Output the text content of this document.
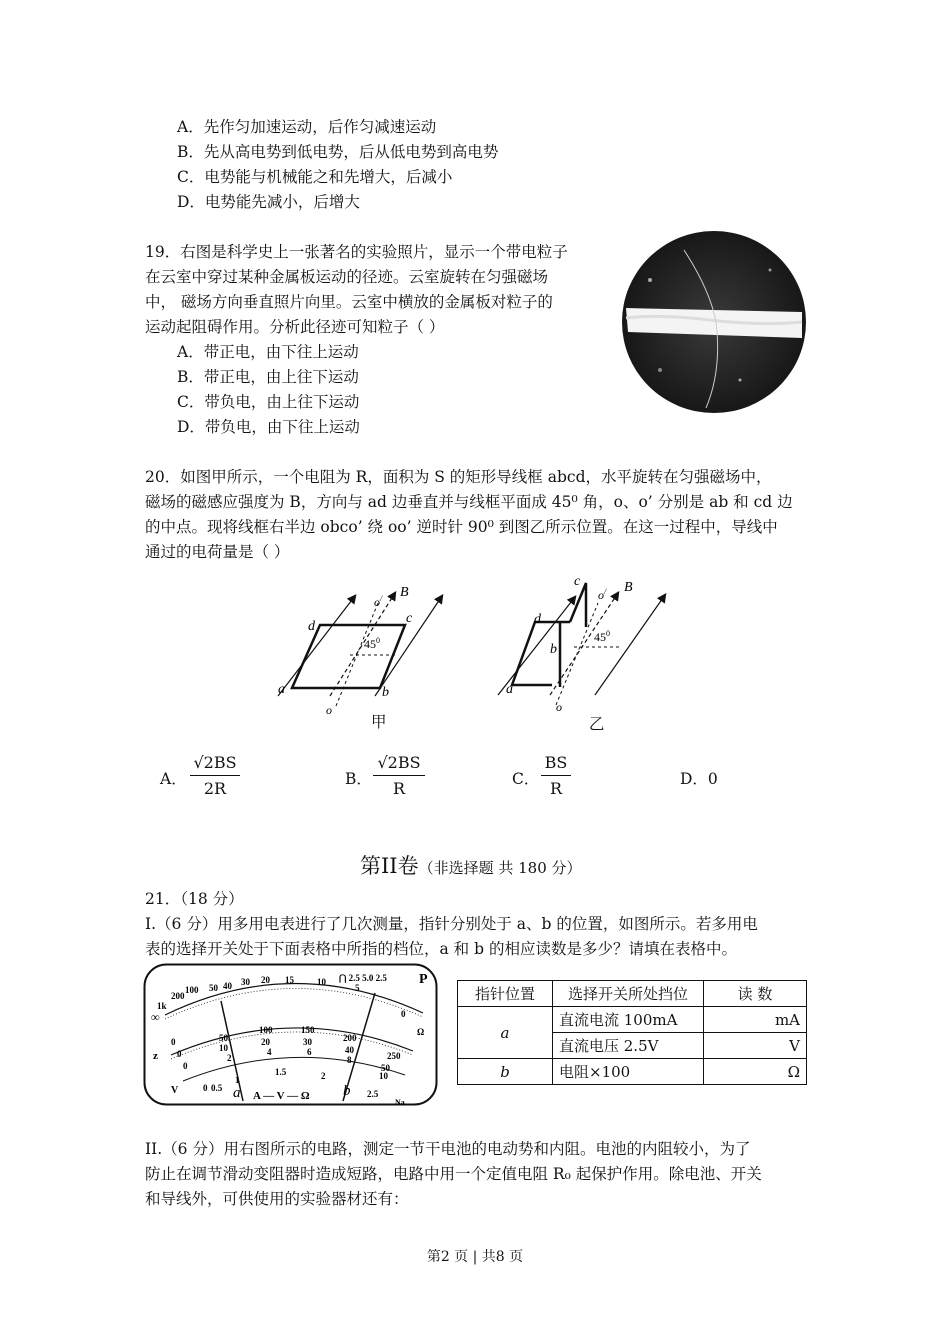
A．先作匀加速运动，后作匀减速运动
B．先从高电势到低电势，后从低电势到高电势
C．电势能与机械能之和先增大，后减小
D．电势能先减小，后增大
19．右图是科学史上一张著名的实验照片，显示一个带电粒子
在云室中穿过某种金属板运动的径迹。云室旋转在匀强磁场
中， 磁场方向垂直照片向里。云室中横放的金属板对粒子的
运动起阻碍作用。分析此径迹可知粒子（ ）
A．带正电，由下往上运动
B．带正电，由上往下运动
C．带负电，由上往下运动
D．带负电，由下往上运动
20．如图甲所示，一个电阻为 R，面积为 S 的矩形导线框 abcd，水平旋转在匀强磁场中，
磁场的磁感应强度为 B，方向与 ad 边垂直并与线框平面成 45⁰ 角，o、o’ 分别是 ab 和 cd 边
的中点。现将线框右半边 obco’ 绕 oo’ 逆时针 90⁰ 到图乙所示位置。在这一过程中，导线中
通过的电荷量是（ ）
a	b
c
d
B
o/
o
$45^0$
甲
a
b
c
d
B
o/
o
$45^0$
乙
A． $\frac{√2BS}{2R}$	B． $\frac{√2BS}{R}$	C． $\frac{BS}{R}$	D．0
第II卷（非选择题 共 180 分）
21．（18 分）
I.（6 分）用多用电表进行了几次测量，指针分别处于 a、b 的位置，如图所示。若多用电
表的选择开关处于下面表格中所指的档位，a 和 b 的相应读数是多少？请填在表格中。
∞
1k
200
100 50 40 30 20 15	10
5
0
Ω
0	50
100	150
200
250
0
10
20	30
40
50
0
2
4	6
8
10
0 0.5
1
1.5	2
2.5
A — V — Ω
a	b
⋂ 2.5 5.0 2.5 P
V
z
Na
指针位置	选择开关所处挡位	读 数
a	直流电流 100mA	mA
	直流电压 2.5V	V
b	电阻×100	Ω
II.（6 分）用右图所示的电路，测定一节干电池的电动势和内阻。电池的内阻较小，为了
防止在调节滑动变阻器时造成短路，电路中用一个定值电阻 R₀ 起保护作用。除电池、开关
和导线外，可供使用的实验器材还有：
第2 页 | 共8 页
